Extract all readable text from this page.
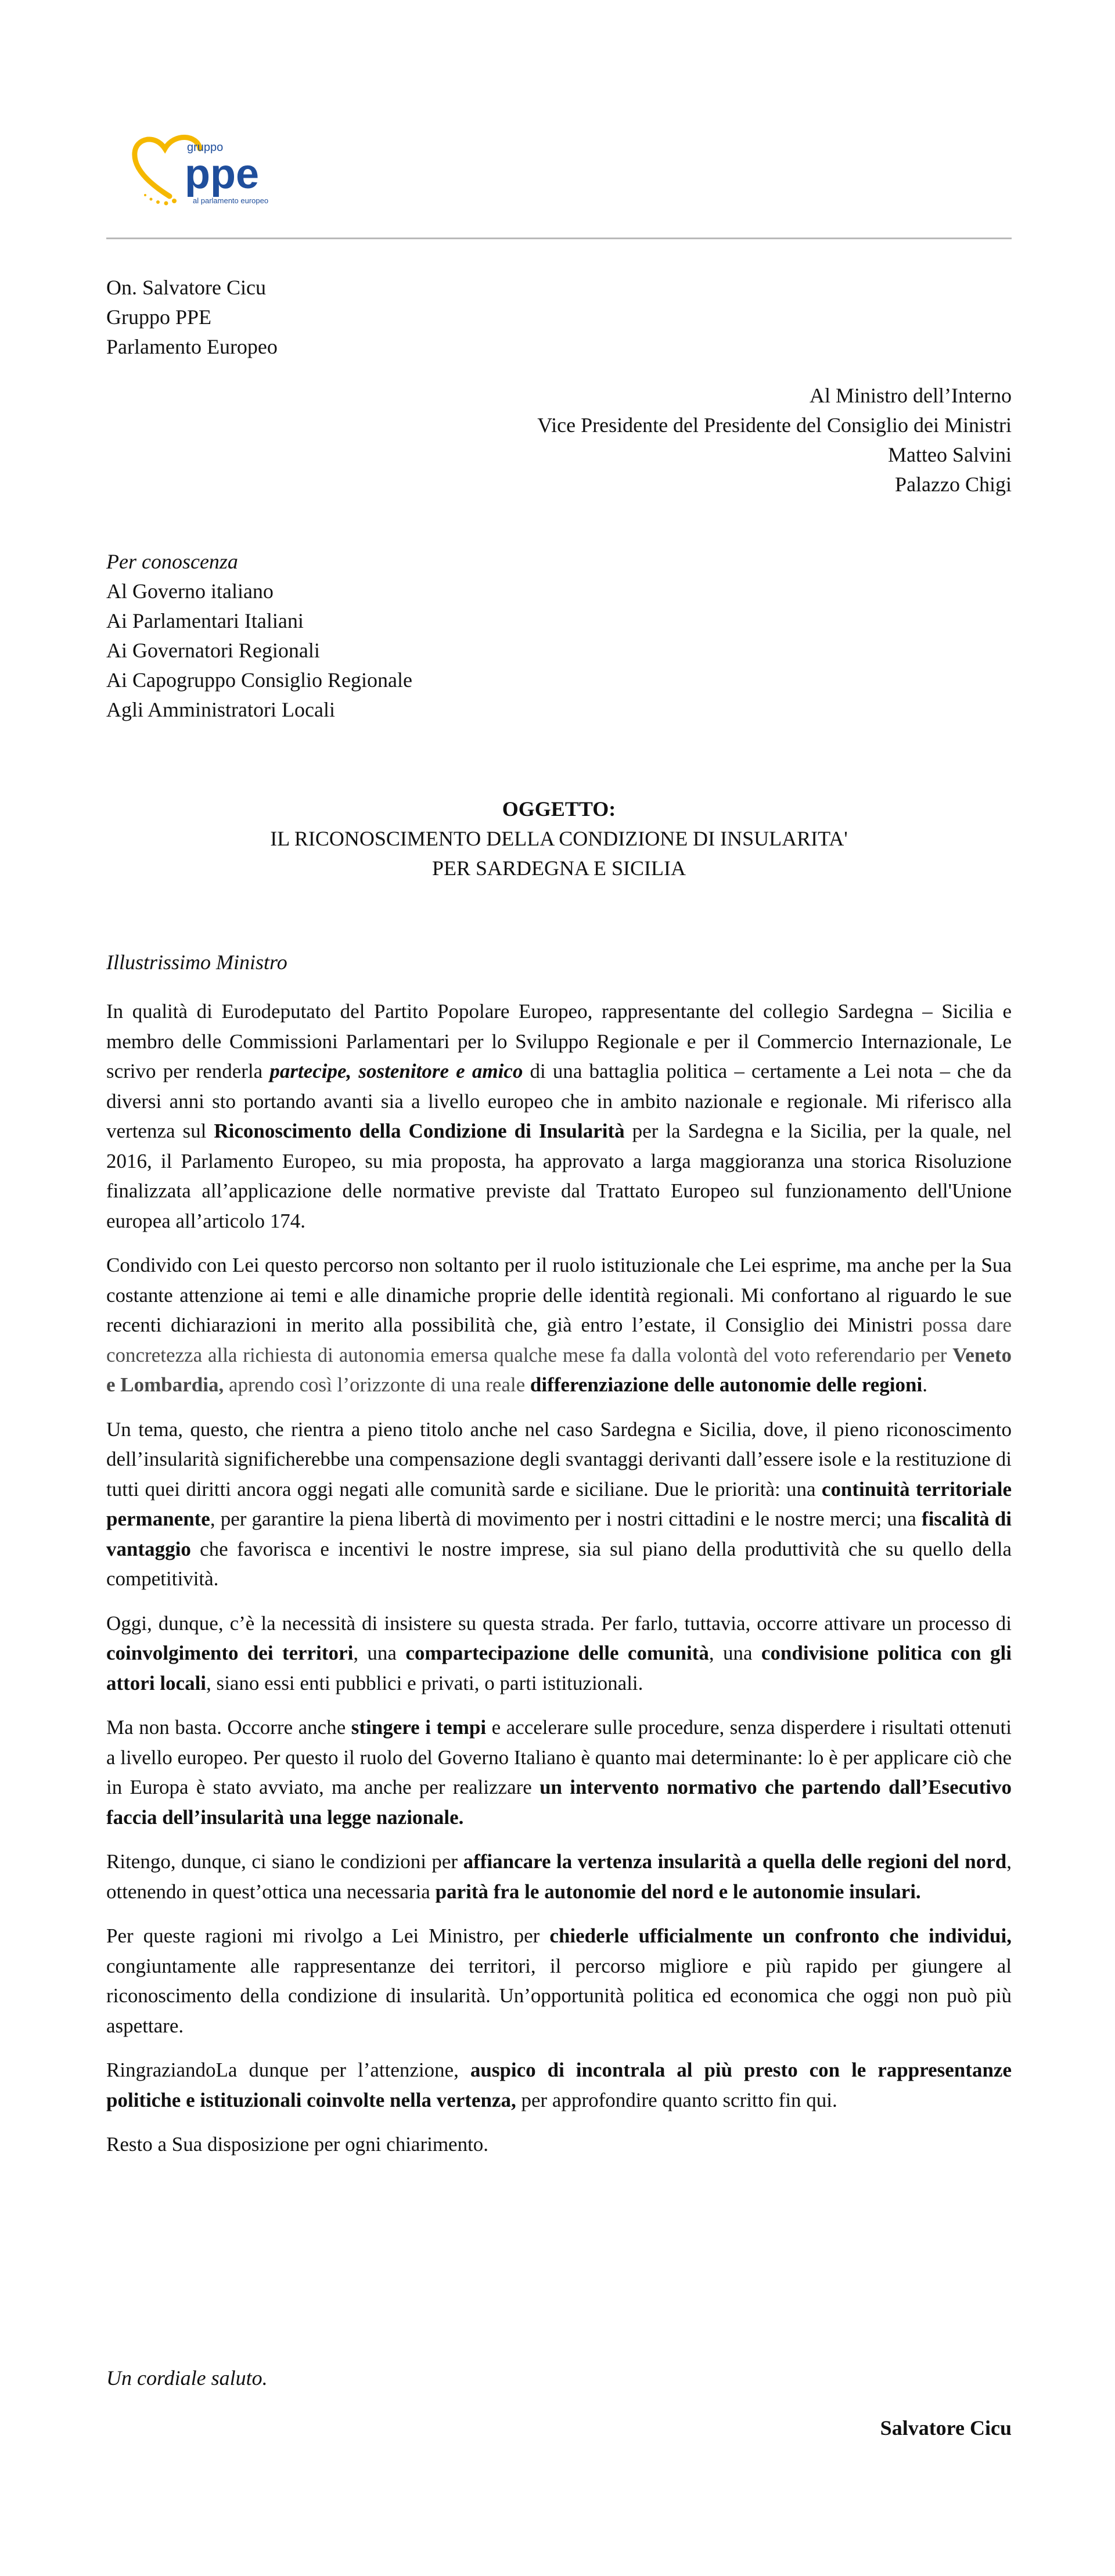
gruppo
ppe
al parlamento europeo
On. Salvatore Cicu
Gruppo PPE
Parlamento Europeo
Al Ministro dell’Interno
Vice Presidente del Presidente del Consiglio dei Ministri
Matteo Salvini
Palazzo Chigi
Per conoscenza
Al Governo italiano
Ai Parlamentari Italiani
Ai Governatori Regionali
Ai Capogruppo Consiglio Regionale
Agli Amministratori Locali
OGGETTO:
IL RICONOSCIMENTO DELLA CONDIZIONE DI INSULARITA'
PER SARDEGNA E SICILIA
Illustrissimo Ministro

In qualità di Eurodeputato del Partito Popolare Europeo, rappresentante del collegio Sardegna – Sicilia e membro delle Commissioni Parlamentari per lo Sviluppo Regionale e per il Commercio Internazionale, Le scrivo per renderla partecipe, sostenitore e amico di una battaglia politica – certamente a Lei nota – che da diversi anni sto portando avanti sia a livello europeo che in ambito nazionale e regionale. Mi riferisco alla vertenza sul Riconoscimento della Condizione di Insularità per la Sardegna e la Sicilia, per la quale, nel 2016, il Parlamento Europeo, su mia proposta, ha approvato a larga maggioranza una storica Risoluzione finalizzata all’applicazione delle normative previste dal Trattato Europeo sul funzionamento dell'Unione europea all’articolo 174.

Condivido con Lei questo percorso non soltanto per il ruolo istituzionale che Lei esprime, ma anche per la Sua costante attenzione ai temi e alle dinamiche proprie delle identità regionali. Mi confortano al riguardo le sue recenti dichiarazioni in merito alla possibilità che, già entro l’estate, il Consiglio dei Ministri possa dare concretezza alla richiesta di autonomia emersa qualche mese fa dalla volontà del voto referendario per Veneto e Lombardia, aprendo così l’orizzonte di una reale differenziazione delle autonomie delle regioni.

Un tema, questo, che rientra a pieno titolo anche nel caso Sardegna e Sicilia, dove, il pieno riconoscimento dell’insularità significherebbe una compensazione degli svantaggi derivanti dall’essere isole e la restituzione di tutti quei diritti ancora oggi negati alle comunità sarde e siciliane. Due le priorità: una continuità territoriale permanente, per garantire la piena libertà di movimento per i nostri cittadini e le nostre merci; una fiscalità di vantaggio che favorisca e incentivi le nostre imprese, sia sul piano della produttività che su quello della competitività.

Oggi, dunque, c’è la necessità di insistere su questa strada. Per farlo, tuttavia, occorre attivare un processo di coinvolgimento dei territori, una compartecipazione delle comunità, una condivisione politica con gli attori locali, siano essi enti pubblici e privati, o parti istituzionali.

Ma non basta. Occorre anche stingere i tempi e accelerare sulle procedure, senza disperdere i risultati ottenuti a livello europeo. Per questo il ruolo del Governo Italiano è quanto mai determinante: lo è per applicare ciò che in Europa è stato avviato, ma anche per realizzare un intervento normativo che partendo dall’Esecutivo faccia dell’insularità una legge nazionale.

Ritengo, dunque, ci siano le condizioni per affiancare la vertenza insularità a quella delle regioni del nord, ottenendo in quest’ottica una necessaria parità fra le autonomie del nord e le autonomie insulari.

Per queste ragioni mi rivolgo a Lei Ministro, per chiederle ufficialmente un confronto che individui, congiuntamente alle rappresentanze dei territori, il percorso migliore e più rapido per giungere al riconoscimento della condizione di insularità. Un’opportunità politica ed economica che oggi non può più aspettare.

RingraziandoLa dunque per l’attenzione, auspico di incontrala al più presto con le rappresentanze politiche e istituzionali coinvolte nella vertenza, per approfondire quanto scritto fin qui.

Resto a Sua disposizione per ogni chiarimento.

Un cordiale saluto.
Salvatore Cicu
